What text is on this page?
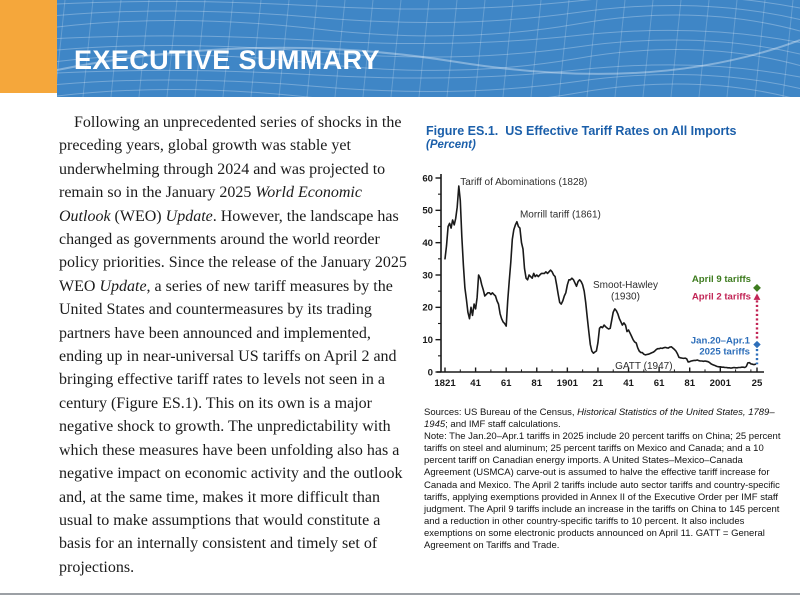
EXECUTIVE SUMMARY
Following an unprecedented series of shocks in the preceding years, global growth was stable yet underwhelming through 2024 and was projected to remain so in the January 2025 World Economic Outlook (WEO) Update. However, the landscape has changed as governments around the world reorder policy priorities. Since the release of the January 2025 WEO Update, a series of new tariff measures by the United States and countermeasures by its trading partners have been announced and implemented, ending up in near-universal US tariffs on April 2 and bringing effective tariff rates to levels not seen in a century (Figure ES.1). This on its own is a major negative shock to growth. The unpredictability with which these measures have been unfolding also has a negative impact on economic activity and the outlook and, at the same time, makes it more difficult than usual to make assumptions that would constitute a basis for an internally consistent and timely set of projections.
Figure ES.1. US Effective Tariff Rates on All Imports
(Percent)
0
10
20
30
40
50
60
1821 41 61 81 1901 21 41 61 81 2001 25
Tariff of Abominations (1828)
Morrill tariff (1861)
Smoot-Hawley
(1930)
GATT (1947)
Jan.20–Apr.1
2025 tariffs
April 2 tariffs
April 9 tariffs

Sources: US Bureau of the Census, Historical Statistics of the United States, 1789–1945; and IMF staff calculations.

Note: The Jan.20–Apr.1 tariffs in 2025 include 20 percent tariffs on China; 25 percent tariffs on steel and aluminum; 25 percent tariffs on Mexico and Canada; and a 10 percent tariff on Canadian energy imports. A United States–Mexico–Canada Agreement (USMCA) carve-out is assumed to halve the effective tariff increase for Canada and Mexico. The April 2 tariffs include auto sector tariffs and country-specific tariffs, applying exemptions provided in Annex II of the Executive Order per IMF staff judgment. The April 9 tariffs include an increase in the tariffs on China to 145 percent and a reduction in other country-specific tariffs to 10 percent. It also includes exemptions on some electronic products announced on April 11. GATT = General Agreement on Tariffs and Trade.
